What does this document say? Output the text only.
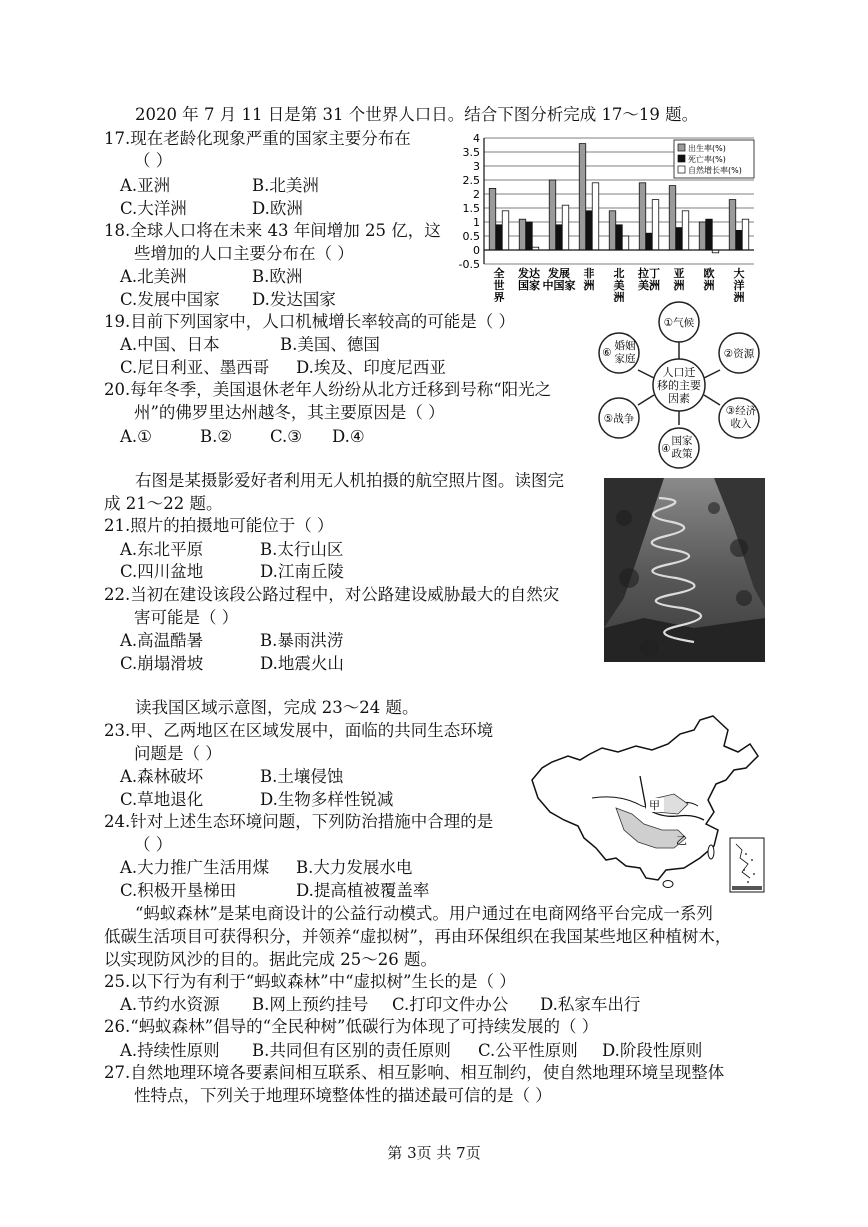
2020 年 7 月 11 日是第 31 个世界人口日。结合下图分析完成 17～19 题。
17.现在老龄化现象严重的国家主要分布在
（ ）
A.亚洲	B.北美洲
C.大洋洲	D.欧洲
18.全球人口将在未来 43 年间增加 25 亿，这
些增加的人口主要分布在（ ）
A.北美洲	B.欧洲
C.发展中国家 D.发达国家
19.目前下列国家中，人口机械增长率较高的可能是（ ）
A.中国、日本	B.美国、德国
C.尼日利亚、墨西哥 D.埃及、印度尼西亚
20.每年冬季，美国退休老年人纷纷从北方迁移到号称“阳光之
州”的佛罗里达州越冬，其主要原因是（ ）
A.①	B.② C.③ D.④
-0.5
0
0.5
1
1.5
2
2.5
3
3.5
4
全
世
界
发达
国家
发展
中国家
非
洲
北
美
洲
拉丁
美洲
亚
洲
欧
洲
大
洋
洲
出生率(%)
死亡率(%)
自然增长率(%)
人口迁
移的主要
因素
①气候
②资源
③经济
收入
国家
政策
④
⑤战争
婚姻
家庭
⑥
右图是某摄影爱好者利用无人机拍摄的航空照片图。读图完
成 21～22 题。
21.照片的拍摄地可能位于（ ）
A.东北平原	B.太行山区
C.四川盆地	D.江南丘陵
22.当初在建设该段公路过程中，对公路建设威胁最大的自然灾
害可能是（ ）
A.高温酷暑	B.暴雨洪涝
C.崩塌滑坡	D.地震火山
读我国区域示意图，完成 23～24 题。
23.甲、乙两地区在区域发展中，面临的共同生态环境
问题是（ ）
A.森林破坏	B.土壤侵蚀
C.草地退化	D.生物多样性锐减
24.针对上述生态环境问题，下列防治措施中合理的是
（ ）
A.大力推广生活用煤 B.大力发展水电
C.积极开垦梯田	D.提高植被覆盖率
甲
乙
“蚂蚁森林”是某电商设计的公益行动模式。用户通过在电商网络平台完成一系列
低碳生活项目可获得积分，并领养“虚拟树”，再由环保组织在我国某些地区种植树木，
以实现防风沙的目的。据此完成 25～26 题。
25.以下行为有利于“蚂蚁森林”中“虚拟树”生长的是（ ）
A.节约水资源 B.网上预约挂号 C.打印文件办公 D.私家车出行
26.“蚂蚁森林”倡导的“全民种树”低碳行为体现了可持续发展的（ ）
A.持续性原则 B.共同但有区别的责任原则 C.公平性原则 D.阶段性原则
27.自然地理环境各要素间相互联系、相互影响、相互制约，使自然地理环境呈现整体
性特点，下列关于地理环境整体性的描述最可信的是（ ）
第 3页 共 7页
